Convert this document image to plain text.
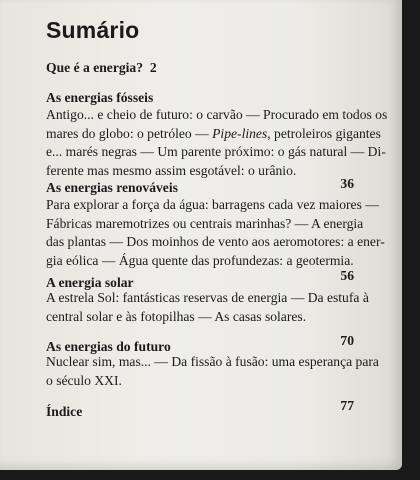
Sumário
Que é a energia? 2
As energias fósseis
Antigo... e cheio de futuro: o carvão — Procurado em todos os
mares do globo: o petróleo — Pipe-lines, petroleiros gigantes
e... marés negras — Um parente próximo: o gás natural — Di-
ferente mas mesmo assim esgotável: o urânio.
As energias renováveis	36
Para explorar a força da água: barragens cada vez maiores —
Fábricas maremotrizes ou centrais marinhas? — A energia
das plantas — Dos moinhos de vento aos aeromotores: a ener-
gia eólica — Água quente das profundezas: a geotermia.
A energia solar	56
A estrela Sol: fantásticas reservas de energia — Da estufa à
central solar e às fotopilhas — As casas solares.
As energias do futuro	70
Nuclear sim, mas... — Da fissão à fusão: uma esperança para
o século XXI.
Índice	77
